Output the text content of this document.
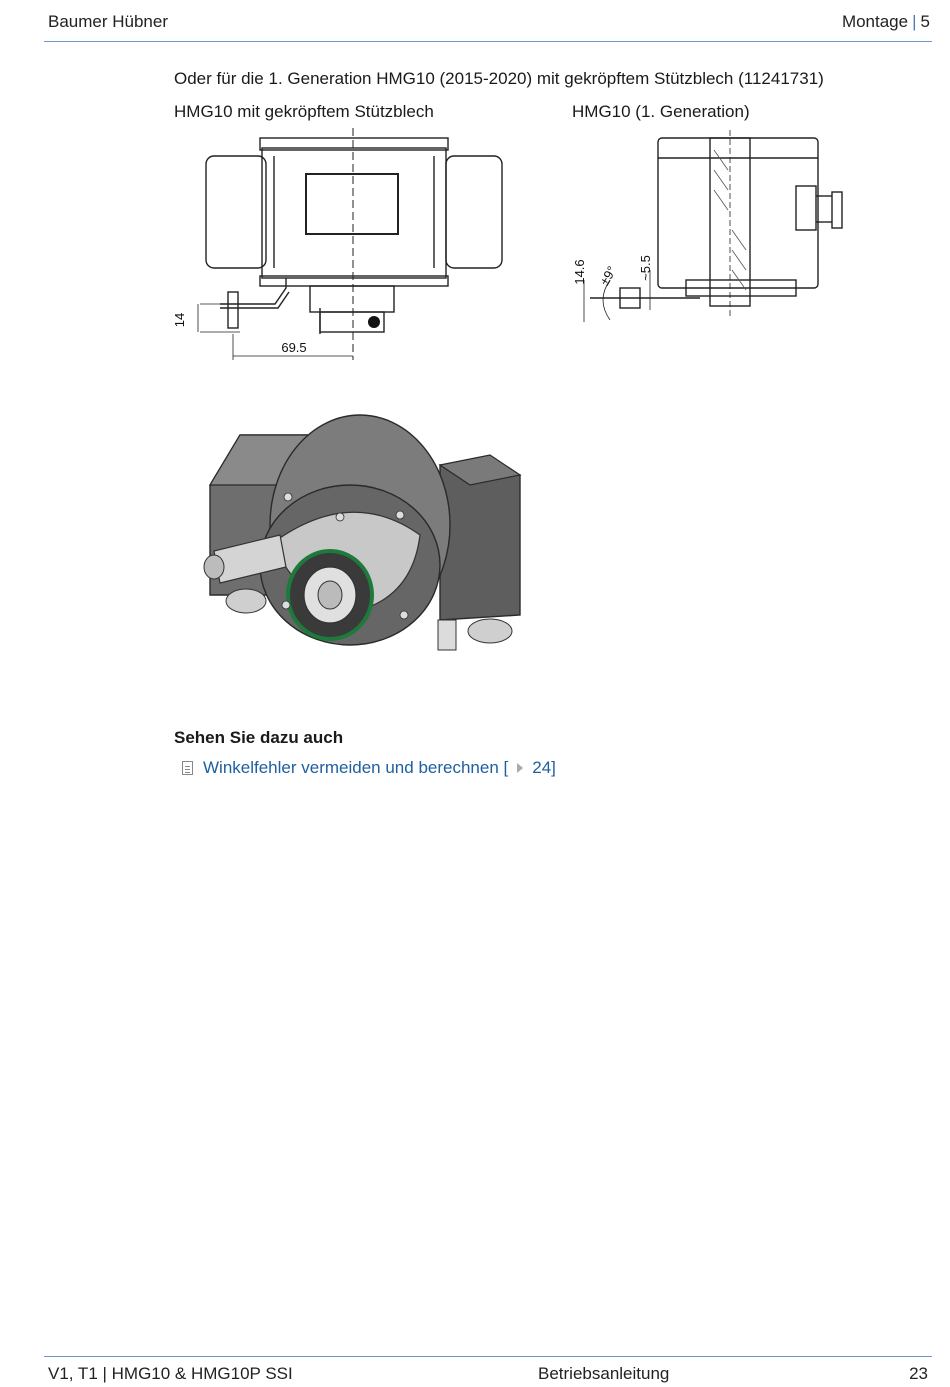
Baumer Hübner	Montage | 5
Oder für die 1. Generation HMG10 (2015-2020) mit gekröpftem Stützblech (11241731)
HMG10 mit gekröpftem Stützblech	HMG10 (1. Generation)
14
69.5
14.6 ±9° ~5.5
Sehen Sie dazu auch
Winkelfehler vermeiden und berechnen [ 24]
V1, T1 | HMG10 & HMG10P SSI	Betriebsanleitung	23
